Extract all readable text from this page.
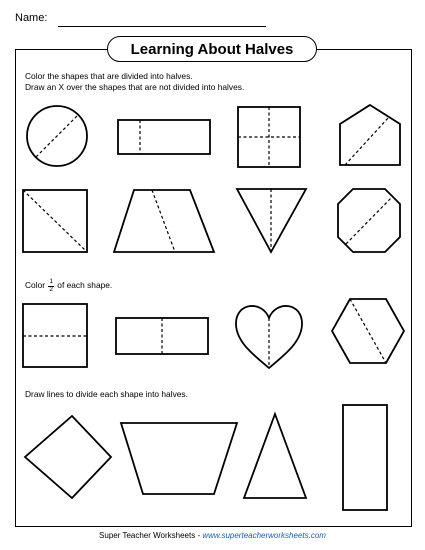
Name:
Learning About Halves
Color the shapes that are divided into halves.
Draw an X over the shapes that are not divided into halves.
Color $\frac{1}{2}$ of each shape.
Draw lines to divide each shape into halves.
Super Teacher Worksheets - www.superteacherworksheets.com
